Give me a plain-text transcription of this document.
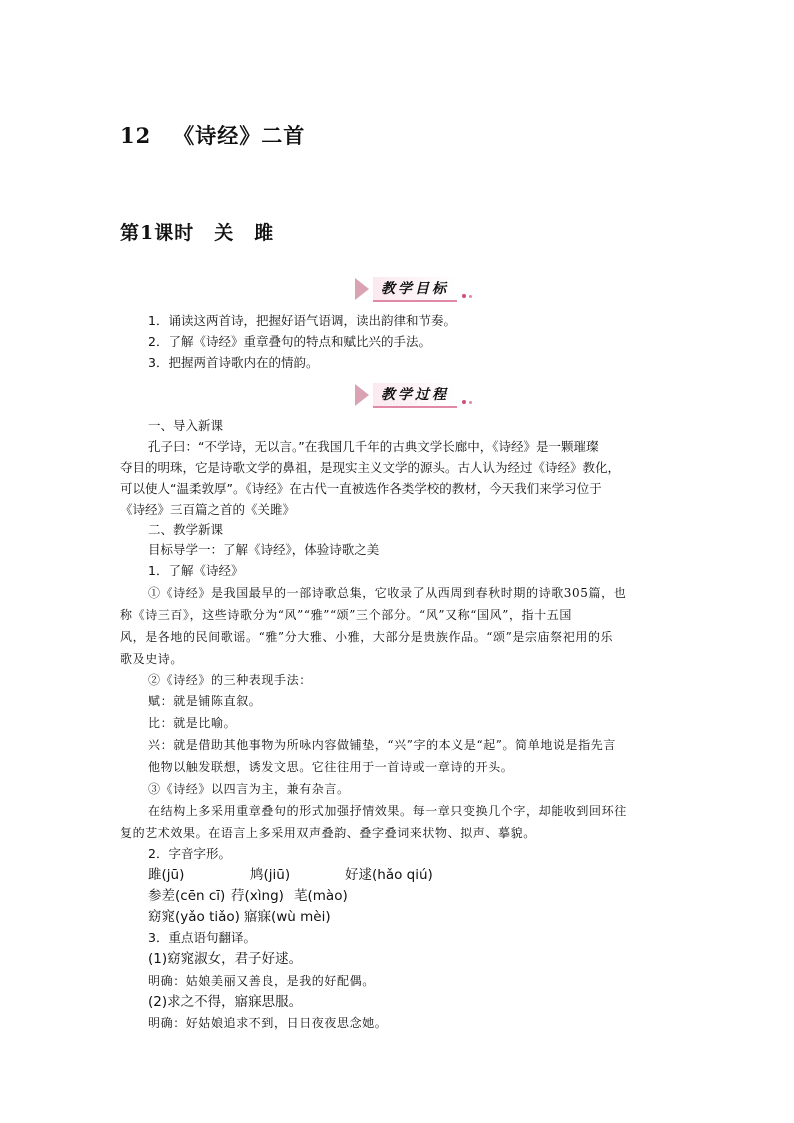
12 《诗经》二首
第1课时　关　雎
教学目标
1．诵读这两首诗，把握好语气语调，读出韵律和节奏。
2．了解《诗经》重章叠句的特点和赋比兴的手法。
3．把握两首诗歌内在的情韵。
教学过程
一、导入新课
孔子曰：“不学诗，无以言。”在我国几千年的古典文学长廊中，《诗经》是一颗璀璨
夺目的明珠，它是诗歌文学的鼻祖，是现实主义文学的源头。古人认为经过《诗经》教化，
可以使人“温柔敦厚”。《诗经》在古代一直被选作各类学校的教材，今天我们来学习位于
《诗经》三百篇之首的《关雎》
二、教学新课
目标导学一：了解《诗经》，体验诗歌之美
1．了解《诗经》
①《诗经》是我国最早的一部诗歌总集，它收录了从西周到春秋时期的诗歌305篇，也
称《诗三百》，这些诗歌分为“风”“雅”“颂”三个部分。“风”又称“国风”，指十五国
风，是各地的民间歌谣。“雅”分大雅、小雅，大部分是贵族作品。“颂”是宗庙祭祀用的乐
歌及史诗。
②《诗经》的三种表现手法：
赋：就是铺陈直叙。
比：就是比喻。
兴：就是借助其他事物为所咏内容做铺垫，“兴”字的本义是“起”。简单地说是指先言
他物以触发联想，诱发文思。它往往用于一首诗或一章诗的开头。
③《诗经》以四言为主，兼有杂言。
在结构上多采用重章叠句的形式加强抒情效果。每一章只变换几个字，却能收到回环往
复的艺术效果。在语言上多采用双声叠韵、叠字叠词来状物、拟声、摹貌。
2．字音字形。
雎(jū)	鸠(jiū)	好逑(hǎo qiú)
参差(cēn cī) 荇(xìng) 芼(mào)
窈窕(yǎo tiǎo) 寤寐(wù mèi)
3．重点语句翻译。
(1)窈窕淑女，君子好逑。
明确：姑娘美丽又善良，是我的好配偶。
(2)求之不得，寤寐思服。
明确：好姑娘追求不到，日日夜夜思念她。
